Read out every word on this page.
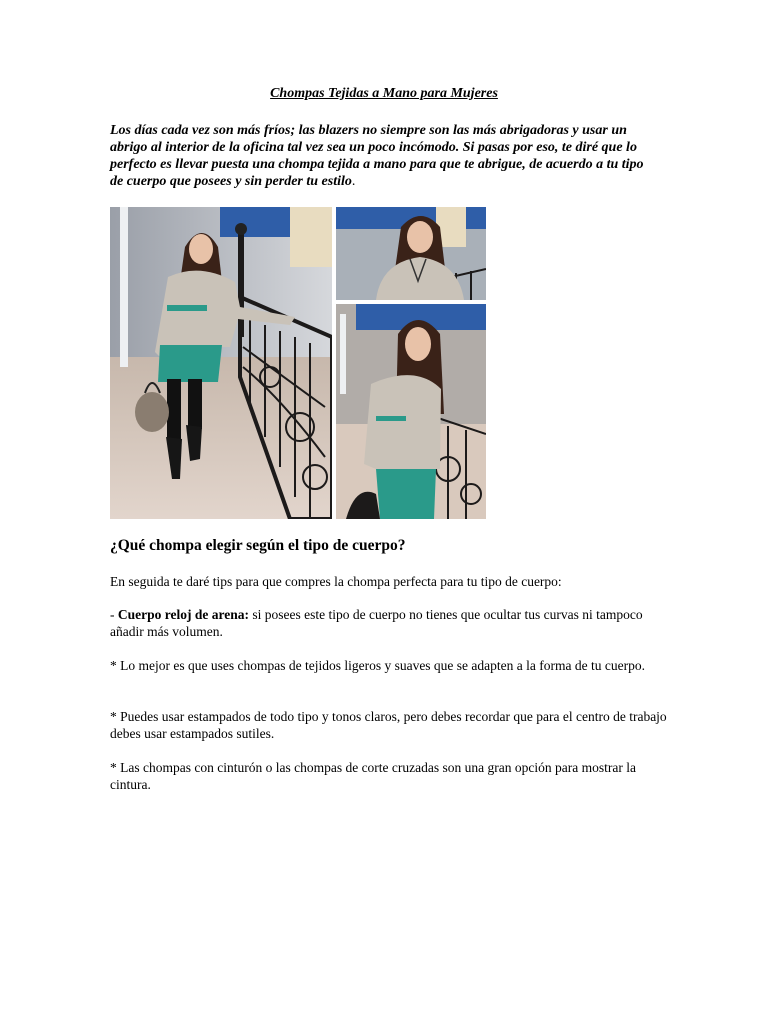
Chompas Tejidas a Mano para Mujeres
Los días cada vez son más fríos; las blazers no siempre son las más abrigadoras y usar un abrigo al interior de la oficina tal vez sea un poco incómodo. Si pasas por eso, te diré que lo perfecto es llevar puesta una chompa tejida a mano para que te abrigue, de acuerdo a tu tipo de cuerpo que posees y sin perder tu estilo.
¿Qué chompa elegir según el tipo de cuerpo?
En seguida te daré tips para que compres la chompa perfecta para tu tipo de cuerpo:
- Cuerpo reloj de arena: si posees este tipo de cuerpo no tienes que ocultar tus curvas ni tampoco añadir más volumen.
* Lo mejor es que uses chompas de tejidos ligeros y suaves que se adapten a la forma de tu cuerpo.
* Puedes usar estampados de todo tipo y tonos claros, pero debes recordar que para el centro de trabajo debes usar estampados sutiles.
* Las chompas con cinturón o las chompas de corte cruzadas son una gran opción para mostrar la cintura.
